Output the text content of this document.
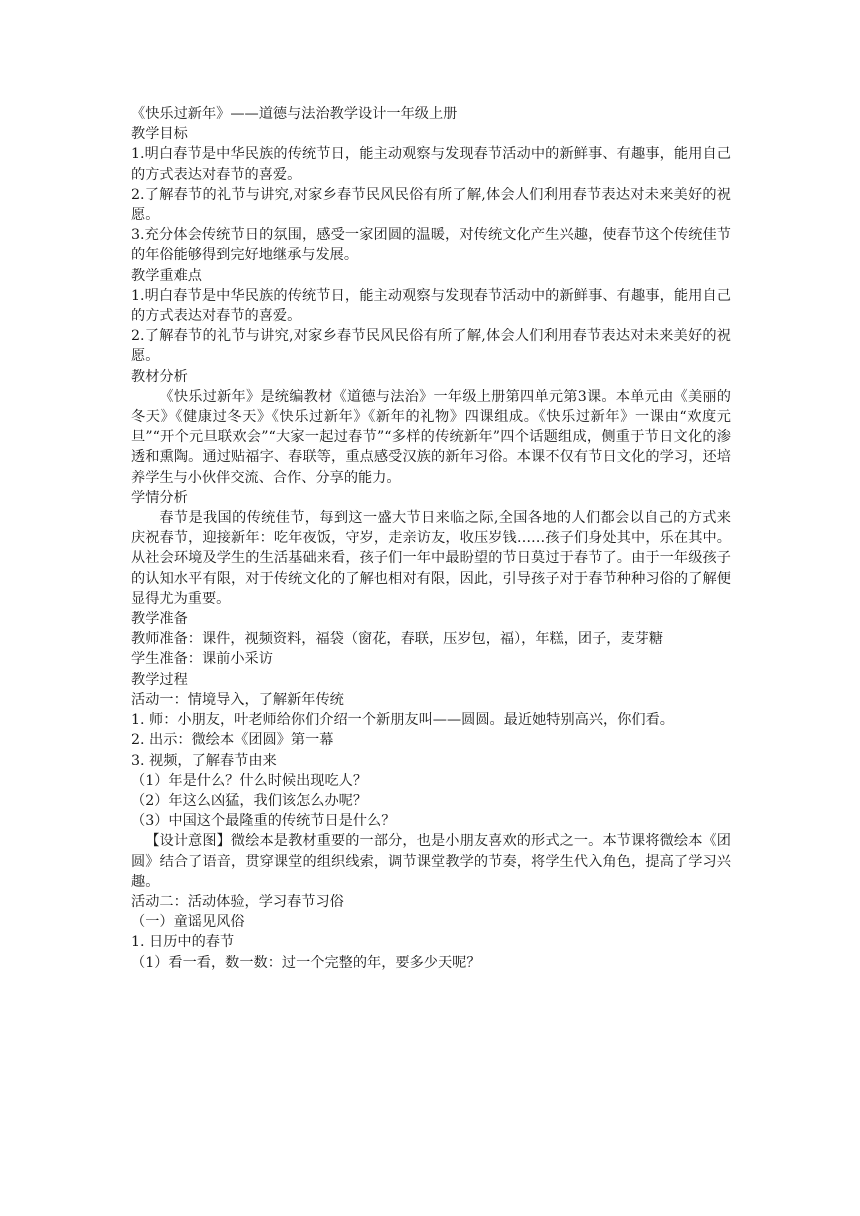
《快乐过新年》——道德与法治教学设计一年级上册

教学目标

1.明白春节是中华民族的传统节日，能主动观察与发现春节活动中的新鲜事、有趣事，能用自己的方式表达对春节的喜爱。

2.了解春节的礼节与讲究,对家乡春节民风民俗有所了解,体会人们利用春节表达对未来美好的祝愿。

3.充分体会传统节日的氛围，感受一家团圆的温暖，对传统文化产生兴趣，使春节这个传统佳节的年俗能够得到完好地继承与发展。

教学重难点

1.明白春节是中华民族的传统节日，能主动观察与发现春节活动中的新鲜事、有趣事，能用自己的方式表达对春节的喜爱。

2.了解春节的礼节与讲究,对家乡春节民风民俗有所了解,体会人们利用春节表达对未来美好的祝愿。

教材分析

《快乐过新年》是统编教材《道德与法治》一年级上册第四单元第3课。本单元由《美丽的冬天》《健康过冬天》《快乐过新年》《新年的礼物》四课组成。《快乐过新年》一课由“欢度元旦”“开个元旦联欢会”“大家一起过春节”“多样的传统新年”四个话题组成，侧重于节日文化的渗透和熏陶。通过贴福字、春联等，重点感受汉族的新年习俗。本课不仅有节日文化的学习，还培养学生与小伙伴交流、合作、分享的能力。

学情分析

春节是我国的传统佳节，每到这一盛大节日来临之际,全国各地的人们都会以自己的方式来庆祝春节，迎接新年：吃年夜饭，守岁，走亲访友，收压岁钱……孩子们身处其中，乐在其中。从社会环境及学生的生活基础来看，孩子们一年中最盼望的节日莫过于春节了。由于一年级孩子的认知水平有限，对于传统文化的了解也相对有限，因此，引导孩子对于春节种种习俗的了解便显得尤为重要。

教学准备

教师准备：课件，视频资料，福袋（窗花，春联，压岁包，福），年糕，团子，麦芽糖

学生准备：课前小采访

教学过程

活动一：情境导入，了解新年传统

1. 师：小朋友，叶老师给你们介绍一个新朋友叫——圆圆。最近她特别高兴，你们看。

2. 出示：微绘本《团圆》第一幕

3. 视频，了解春节由来

（1）年是什么？什么时候出现吃人？

（2）年这么凶猛，我们该怎么办呢？

（3）中国这个最隆重的传统节日是什么？

【设计意图】微绘本是教材重要的一部分，也是小朋友喜欢的形式之一。本节课将微绘本《团圆》结合了语音，贯穿课堂的组织线索，调节课堂教学的节奏，将学生代入角色，提高了学习兴趣。

活动二：活动体验，学习春节习俗

（一）童谣见风俗

1. 日历中的春节

（1）看一看，数一数：过一个完整的年，要多少天呢？
